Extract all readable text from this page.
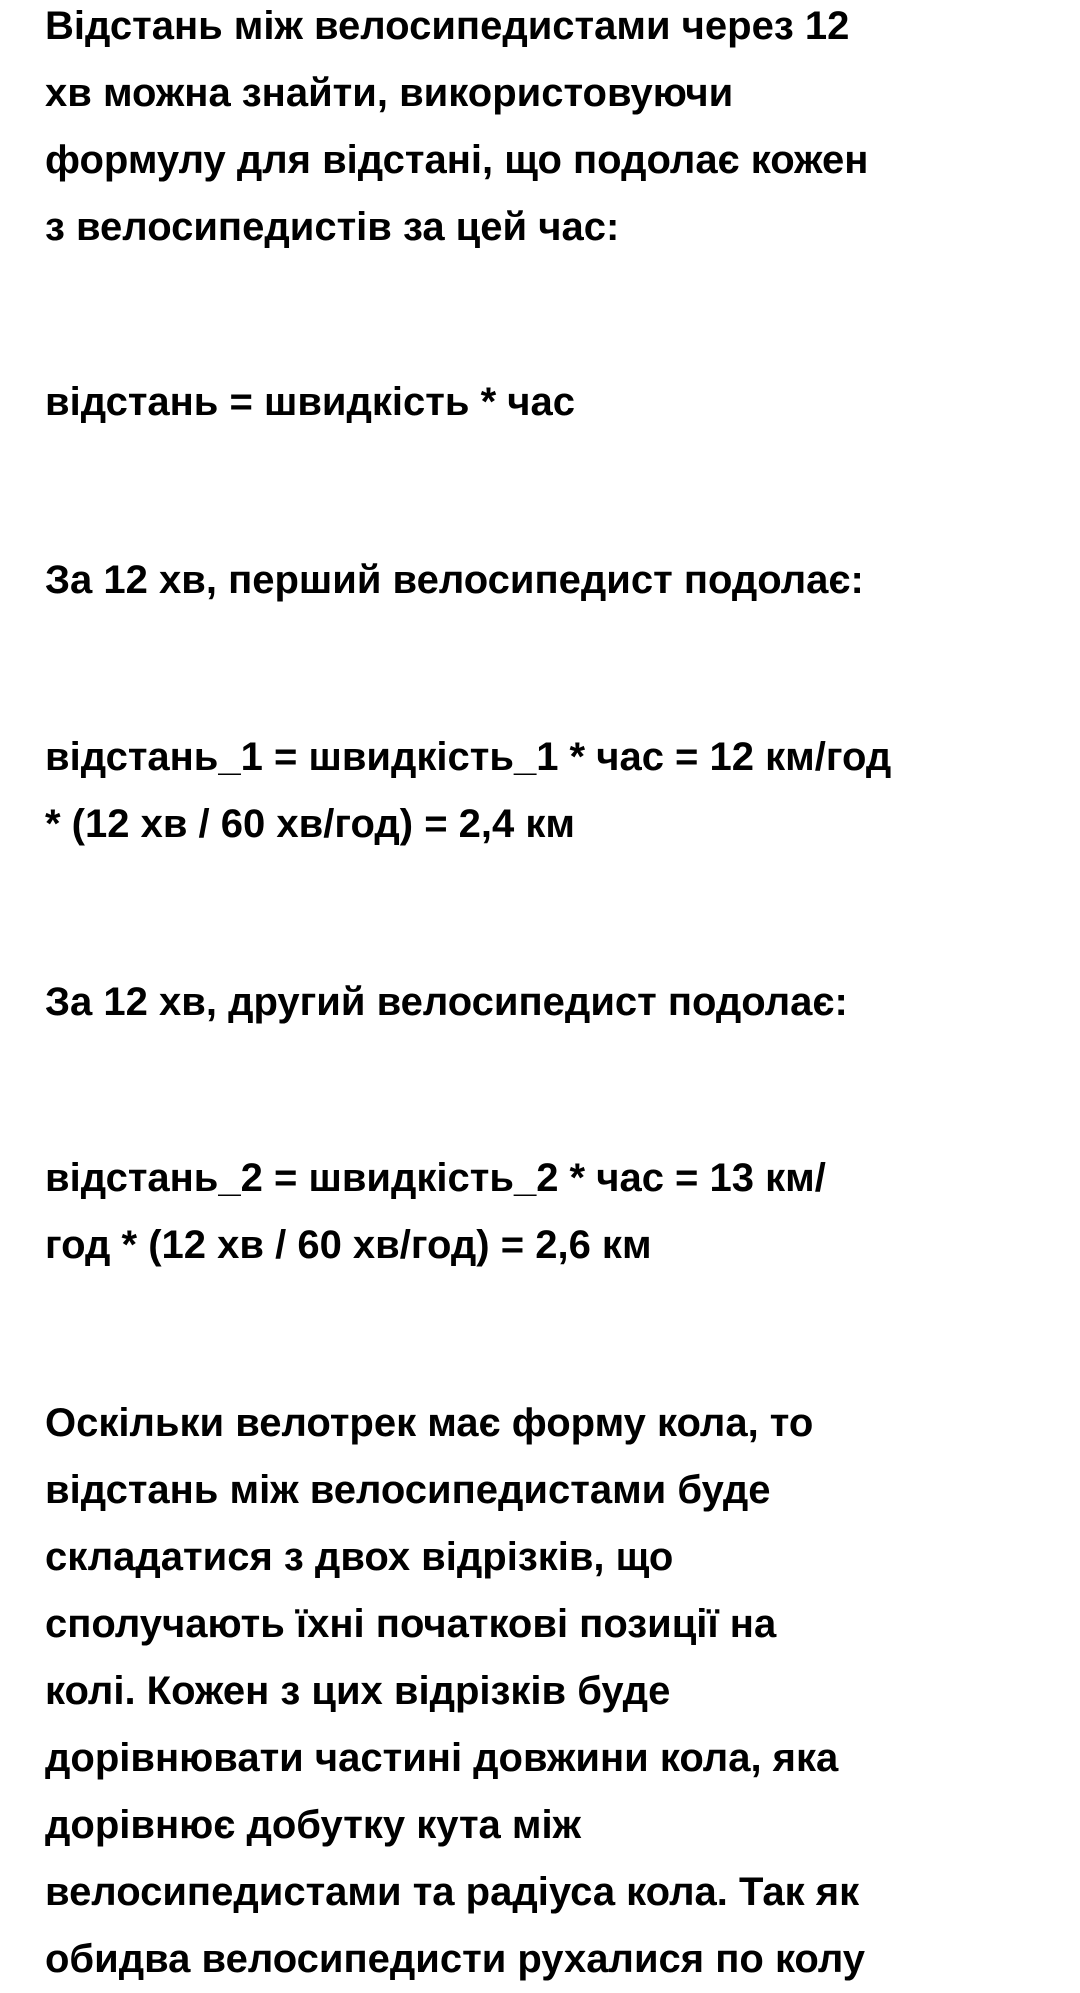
Відстань між велосипедистами через 12

хв можна знайти, використовуючи

формулу для відстані, що подолає кожен

з велосипедистів за цей час:

відстань = швидкість * час

За 12 хв, перший велосипедист подолає:

відстань_1 = швидкість_1 * час = 12 км/год

* (12 хв / 60 хв/год) = 2,4 км

За 12 хв, другий велосипедист подолає:

відстань_2 = швидкість_2 * час = 13 км/

год * (12 хв / 60 хв/год) = 2,6 км

Оскільки велотрек має форму кола, то

відстань між велосипедистами буде

складатися з двох відрізків, що

сполучають їхні початкові позиції на

колі. Кожен з цих відрізків буде

дорівнювати частині довжини кола, яка

дорівнює добутку кута між

велосипедистами та радіуса кола. Так як

обидва велосипедисти рухалися по колу
